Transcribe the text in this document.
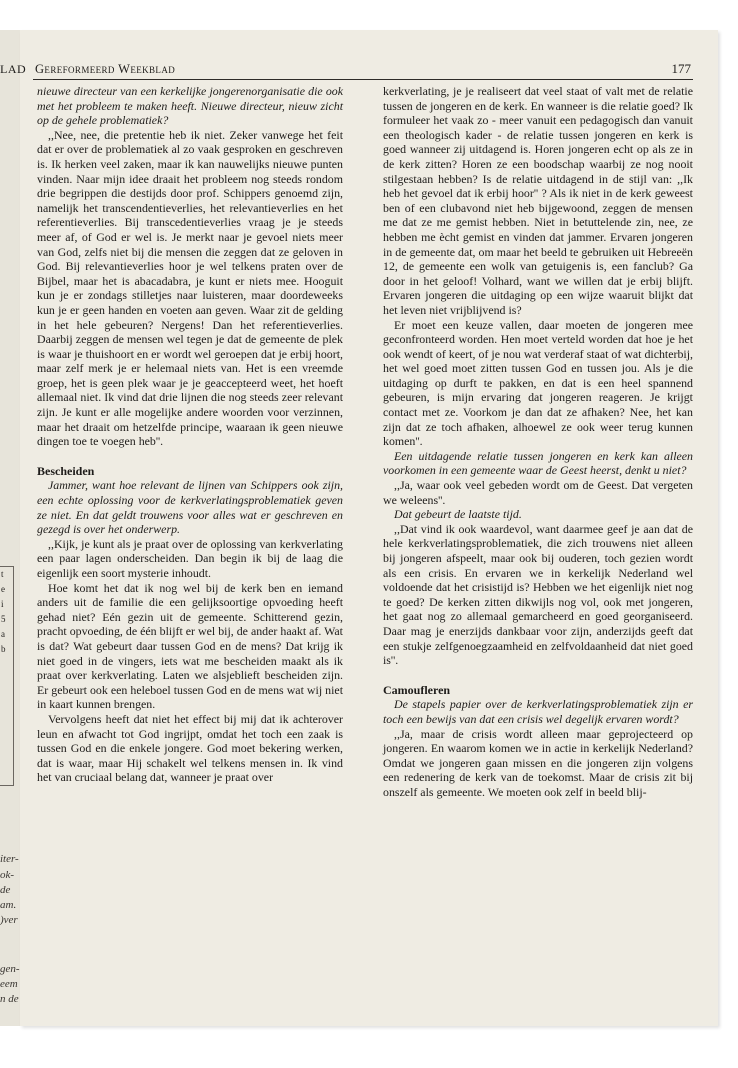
t
e
i
5
a
b
iter-
ok-
de
am.
)ver
gen-
eem
n de
LAD Gereformeerd Weekblad	177

nieuwe directeur van een kerkelijke jongerenorganisatie die ook met het probleem te maken heeft. Nieuwe directeur, nieuw zicht op de gehele problematiek?

,,Nee, nee, die pretentie heb ik niet. Zeker vanwege het feit dat er over de problematiek al zo vaak gesproken en geschreven is. Ik herken veel zaken, maar ik kan nauwelijks nieuwe punten vinden. Naar mijn idee draait het probleem nog steeds rondom drie begrippen die destijds door prof. Schippers genoemd zijn, namelijk het transcendentieverlies, het relevantieverlies en het referentieverlies. Bij transcedentieverlies vraag je je steeds meer af, of God er wel is. Je merkt naar je gevoel niets meer van God, zelfs niet bij die mensen die zeggen dat ze geloven in God. Bij relevantieverlies hoor je wel telkens praten over de Bijbel, maar het is abacadabra, je kunt er niets mee. Hooguit kun je er zondags stilletjes naar luisteren, maar doordeweeks kun je er geen handen en voeten aan geven. Waar zit de gelding in het hele gebeuren? Nergens! Dan het referentieverlies. Daarbij zeggen de mensen wel tegen je dat de gemeente de plek is waar je thuishoort en er wordt wel geroepen dat je erbij hoort, maar zelf merk je er helemaal niets van. Het is een vreemde groep, het is geen plek waar je je geaccepteerd weet, het hoeft allemaal niet. Ik vind dat drie lijnen die nog steeds zeer relevant zijn. Je kunt er alle mogelijke andere woorden voor verzinnen, maar het draait om hetzelfde principe, waaraan ik geen nieuwe dingen toe te voegen heb''.

Bescheiden

Jammer, want hoe relevant de lijnen van Schippers ook zijn, een echte oplossing voor de kerkverlatingsproblematiek geven ze niet. En dat geldt trouwens voor alles wat er geschreven en gezegd is over het onderwerp.

,,Kijk, je kunt als je praat over de oplossing van kerkverlating een paar lagen onderscheiden. Dan begin ik bij de laag die eigenlijk een soort mysterie inhoudt.

Hoe komt het dat ik nog wel bij de kerk ben en iemand anders uit de familie die een gelijksoortige opvoeding heeft gehad niet? Eén gezin uit de gemeente. Schitterend gezin, pracht opvoeding, de één blijft er wel bij, de ander haakt af. Wat is dat? Wat gebeurt daar tussen God en de mens? Dat krijg ik niet goed in de vingers, iets wat me bescheiden maakt als ik praat over kerkverlating. Laten we alsjeblieft bescheiden zijn. Er gebeurt ook een heleboel tussen God en de mens wat wij niet in kaart kunnen brengen.

Vervolgens heeft dat niet het effect bij mij dat ik achterover leun en afwacht tot God ingrijpt, omdat het toch een zaak is tussen God en die enkele jongere. God moet bekering werken, dat is waar, maar Hij schakelt wel telkens mensen in. Ik vind het van cruciaal belang dat, wanneer je praat over

kerkverlating, je je realiseert dat veel staat of valt met de relatie tussen de jongeren en de kerk. En wanneer is die relatie goed? Ik formuleer het vaak zo - meer vanuit een pedagogisch dan vanuit een theologisch kader - de relatie tussen jongeren en kerk is goed wanneer zij uitdagend is. Horen jongeren echt op als ze in de kerk zitten? Horen ze een boodschap waarbij ze nog nooit stilgestaan hebben? Is de relatie uitdagend in de stijl van: ,,Ik heb het gevoel dat ik erbij hoor'' ? Als ik niet in de kerk geweest ben of een clubavond niet heb bijgewoond, zeggen de mensen me dat ze me gemist hebben. Niet in betuttelende zin, nee, ze hebben me ècht gemist en vinden dat jammer. Ervaren jongeren in de gemeente dat, om maar het beeld te gebruiken uit Hebreeën 12, de gemeente een wolk van getuigenis is, een fanclub? Ga door in het geloof! Volhard, want we willen dat je erbij blijft. Ervaren jongeren die uitdaging op een wijze waaruit blijkt dat het leven niet vrijblijvend is?

Er moet een keuze vallen, daar moeten de jongeren mee geconfronteerd worden. Hen moet verteld worden dat hoe je het ook wendt of keert, of je nou wat verderaf staat of wat dichterbij, het wel goed moet zitten tussen God en tussen jou. Als je die uitdaging op durft te pakken, en dat is een heel spannend gebeuren, is mijn ervaring dat jongeren reageren. Je krijgt contact met ze. Voorkom je dan dat ze afhaken? Nee, het kan zijn dat ze toch afhaken, alhoewel ze ook weer terug kunnen komen''.

Een uitdagende relatie tussen jongeren en kerk kan alleen voorkomen in een gemeente waar de Geest heerst, denkt u niet?

,,Ja, waar ook veel gebeden wordt om de Geest. Dat vergeten we weleens''.

Dat gebeurt de laatste tijd.

,,Dat vind ik ook waardevol, want daarmee geef je aan dat de hele kerkverlatingsproblematiek, die zich trouwens niet alleen bij jongeren afspeelt, maar ook bij ouderen, toch gezien wordt als een crisis. En ervaren we in kerkelijk Nederland wel voldoende dat het crisistijd is? Hebben we het eigenlijk niet nog te goed? De kerken zitten dikwijls nog vol, ook met jongeren, het gaat nog zo allemaal gemarcheerd en goed georganiseerd. Daar mag je enerzijds dankbaar voor zijn, anderzijds geeft dat een stukje zelfgenoegzaamheid en zelfvoldaanheid dat niet goed is''.

Camoufleren

De stapels papier over de kerkverlatingsproblematiek zijn er toch een bewijs van dat een crisis wel degelijk ervaren wordt?

,,Ja, maar de crisis wordt alleen maar geprojecteerd op jongeren. En waarom komen we in actie in kerkelijk Nederland? Omdat we jongeren gaan missen en die jongeren zijn volgens een redenering de kerk van de toekomst. Maar de crisis zit bij onszelf als gemeente. We moeten ook zelf in beeld blij-
